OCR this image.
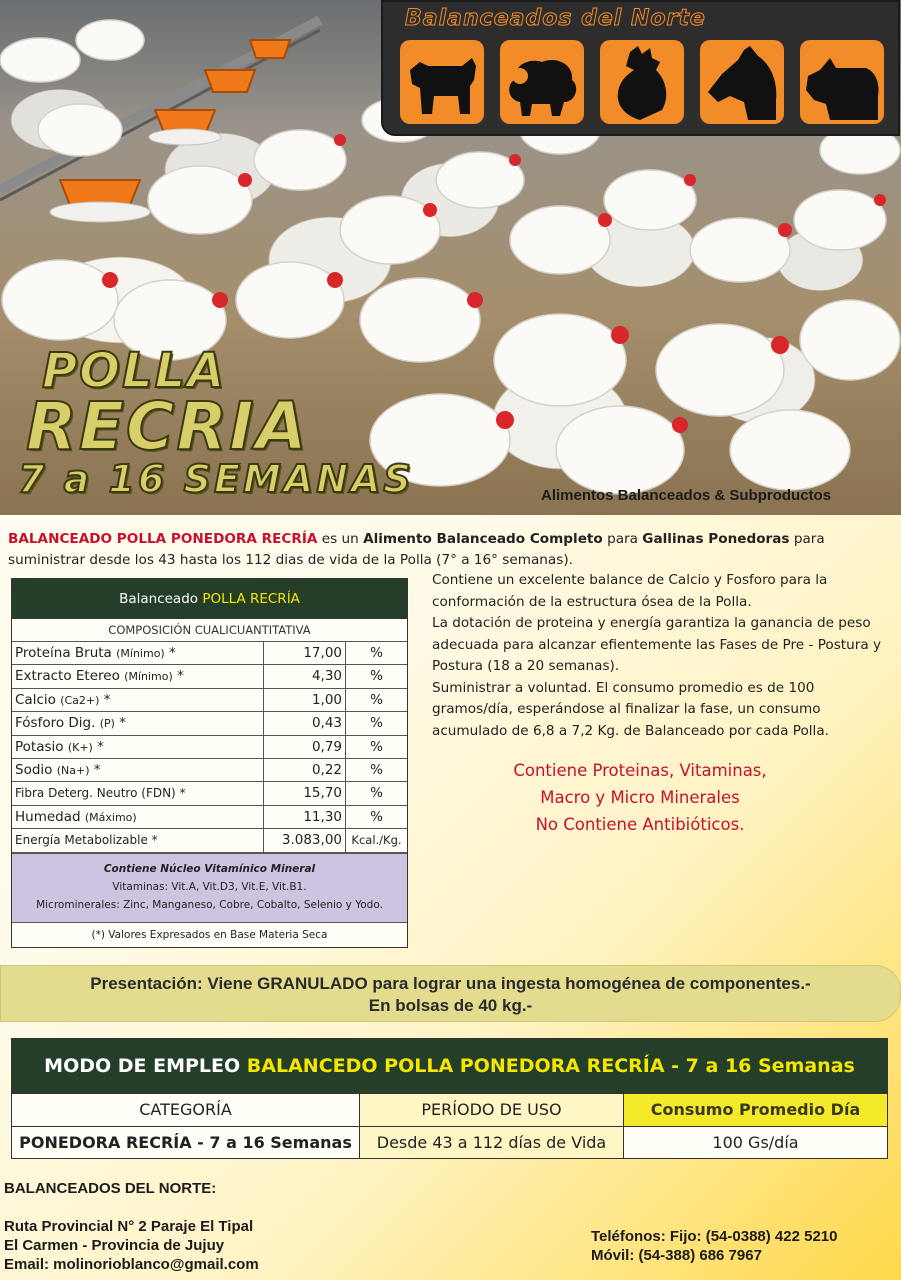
Balanceados del Norte
POLLA
RECRIA
7 a 16 SEMANAS	Alimentos Balanceados & Subproductos
BALANCEADO POLLA PONEDORA RECRÍA es un Alimento Balanceado Completo para Gallinas Ponedoras para suministrar desde los 43 hasta los 112 dias de vida de la Polla (7° a 16° semanas).
Balanceado POLLA RECRÍA
COMPOSICIÓN CUALICUANTITATIVA
Proteína Bruta (Mínimo) *	17,00	%
Extracto Etereo (Mínimo) *	4,30	%
Calcio (Ca2+) *	1,00	%
Fósforo Dig. (P) *	0,43	%
Potasio (K+) *	0,79	%
Sodio (Na+) *	0,22	%
Fibra Deterg. Neutro (FDN) *	15,70	%
Humedad (Máximo)	11,30	%
Energía Metabolizable *	3.083,00 Kcal./Kg.
Contiene Núcleo Vitamínico Mineral
Vitaminas: Vit.A, Vit.D3, Vit.E, Vit.B1.
Microminerales: Zinc, Manganeso, Cobre, Cobalto, Selenio y Yodo.
(*) Valores Expresados en Base Materia Seca

Contiene un excelente balance de Calcio y Fosforo para la conformación de la estructura ósea de la Polla.

La dotación de proteina y energía garantiza la ganancia de peso adecuada para alcanzar efientemente las Fases de Pre - Postura y Postura (18 a 20 semanas).

Suministrar a voluntad. El consumo promedio es de 100 gramos/día, esperándose al finalizar la fase, un consumo acumulado de 6,8 a 7,2 Kg. de Balanceado por cada Polla.

Contiene Proteinas, Vitaminas,
Macro y Micro Minerales
No Contiene Antibióticos.
Presentación: Viene GRANULADO para lograr una ingesta homogénea de componentes.-
En bolsas de 40 kg.-
MODO DE EMPLEO BALANCEDO POLLA PONEDORA RECRÍA - 7 a 16 Semanas
CATEGORÍA	PERÍODO DE USO	Consumo Promedio Día
PONEDORA RECRÍA - 7 a 16 Semanas	Desde 43 a 112 días de Vida	100 Gs/día
BALANCEADOS DEL NORTE:
Ruta Provincial N° 2 Paraje El Tipal
El Carmen - Provincia de Jujuy
Email: molinorioblanco@gmail.com
Teléfonos: Fijo: (54-0388) 422 5210
Móvil: (54-388) 686 7967
